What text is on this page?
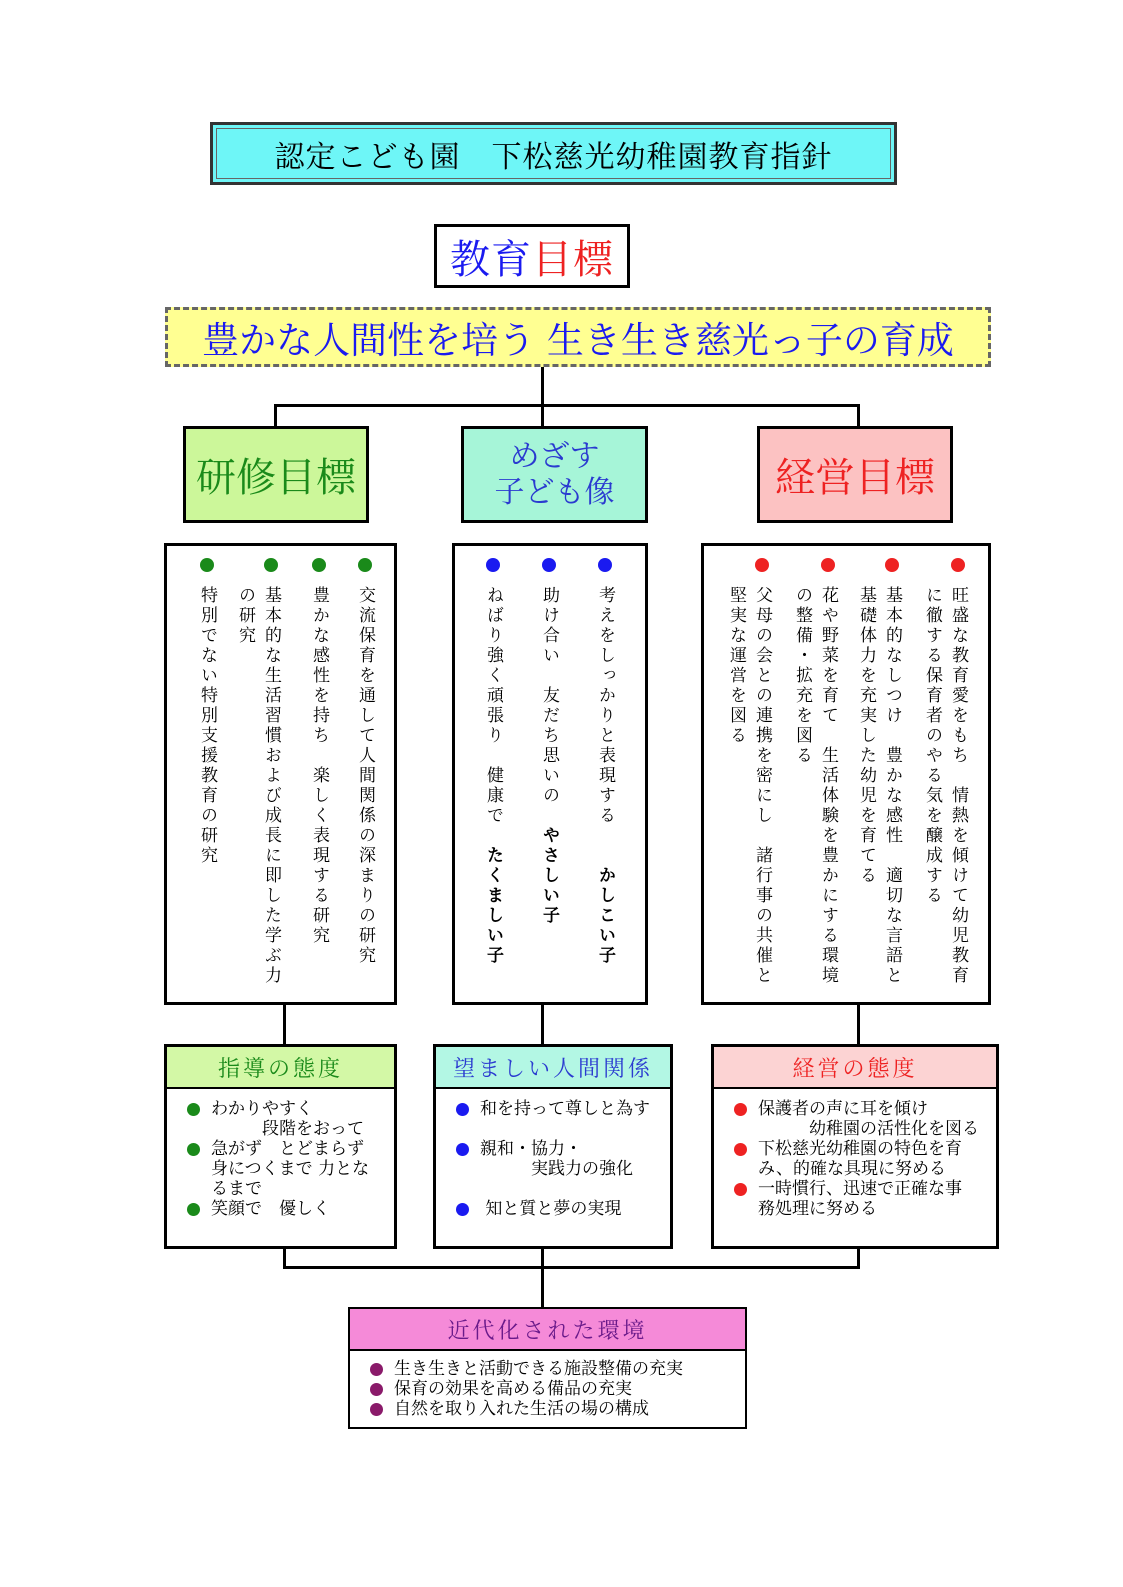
認定こども園　下松慈光幼稚園教育指針
教育 目標
豊かな人間性を培う 生き生き慈光っ子の育成
研修目標	めざす
子ども像	経営目標
交流保育を通して人間関係の深まりの研究
豊かな感性を持ち　楽しく表現する研究
基本的な生活習慣および成長に即した学ぶ力
の研究
特別でない特別支援教育の研究	考えをしっかりと表現する　　かしこい子
助け合い　友だち思いの　やさしい子
ねばり強く頑張り　健康で　たくましい子
旺盛な教育愛をもち　情熱を傾けて幼児教育
に徹する保育者のやる気を醸成する
基本的なしつけ　豊かな感性　適切な言語と
基礎体力を充実した幼児を育てる
花や野菜を育て　生活体験を豊かにする環境
の整備・拡充を図る
父母の会との連携を密にし　諸行事の共催と
堅実な運営を図る
指導の態度
わかりやすく
　　　段階をおって
急がず　とどまらず
身につくまで 力とな
るまで
笑顔で　優しく
望ましい人間関係
和を持って尊しと為す
親和・協力・
　　　実践力の強化
知と質と夢の実現
経営の態度
保護者の声に耳を傾け
　　　幼稚園の活性化を図る
下松慈光幼稚園の特色を育
み、的確な具現に努める
一時慣行、迅速で正確な事
務処理に努める
近代化された環境
生き生きと活動できる施設整備の充実
保育の効果を高める備品の充実
自然を取り入れた生活の場の構成
